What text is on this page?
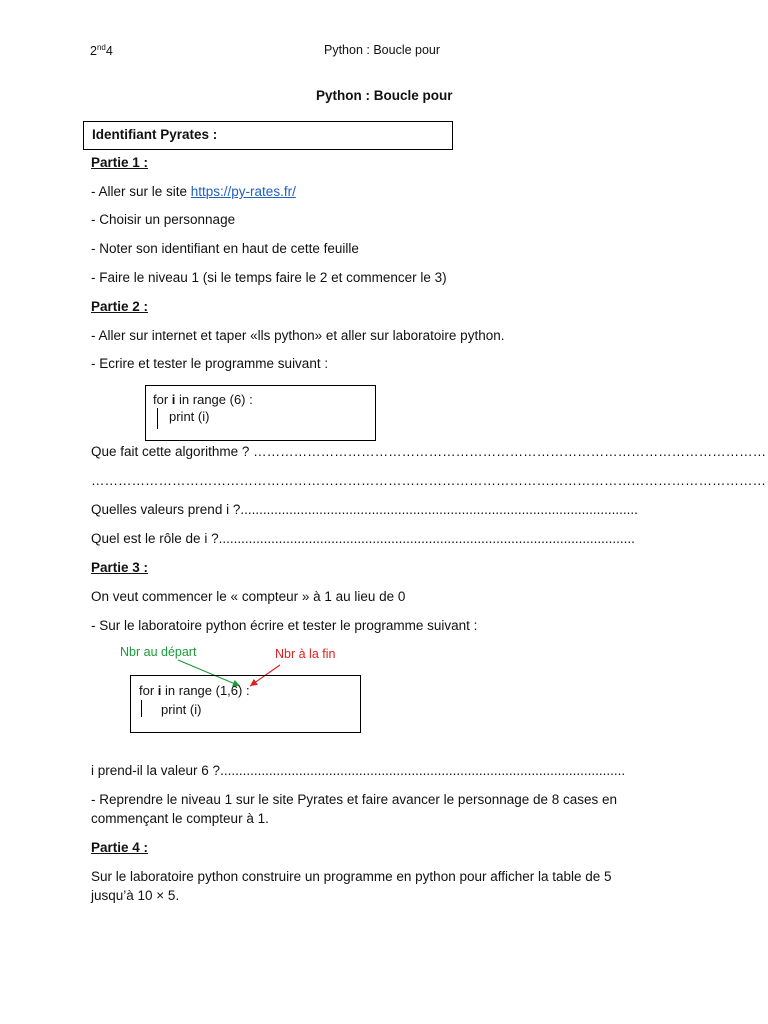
2nd4	Python : Boucle pour
Python : Boucle pour
Identifiant Pyrates :
Partie 1 :
- Aller sur le site https://py-rates.fr/
- Choisir un personnage
- Noter son identifiant en haut de cette feuille
- Faire le niveau 1 (si le temps faire le 2 et commencer le 3)
Partie 2 :
- Aller sur internet et taper «lls python» et aller sur laboratoire python.
- Ecrire et tester le programme suivant :
for i in range (6) :
print (i)
Que fait cette algorithme ? ……………………………………………………………………………………………………
……………………………………………………………………………………………………………………………………
Quelles valeurs prend i ?..........................................................................................................
Quel est le rôle de i ?...............................................................................................................
Partie 3 :
On veut commencer le « compteur » à 1 au lieu de 0
- Sur le laboratoire python écrire et tester le programme suivant :
Nbr au départ	Nbr à la fin
for i in range (1,6) :
print (i)
i prend-il la valeur 6 ?............................................................................................................
- Reprendre le niveau 1 sur le site Pyrates et faire avancer le personnage de 8 cases en
commençant le compteur à 1.
Partie 4 :
Sur le laboratoire python construire un programme en python pour afficher la table de 5
jusqu’à 10 × 5.
